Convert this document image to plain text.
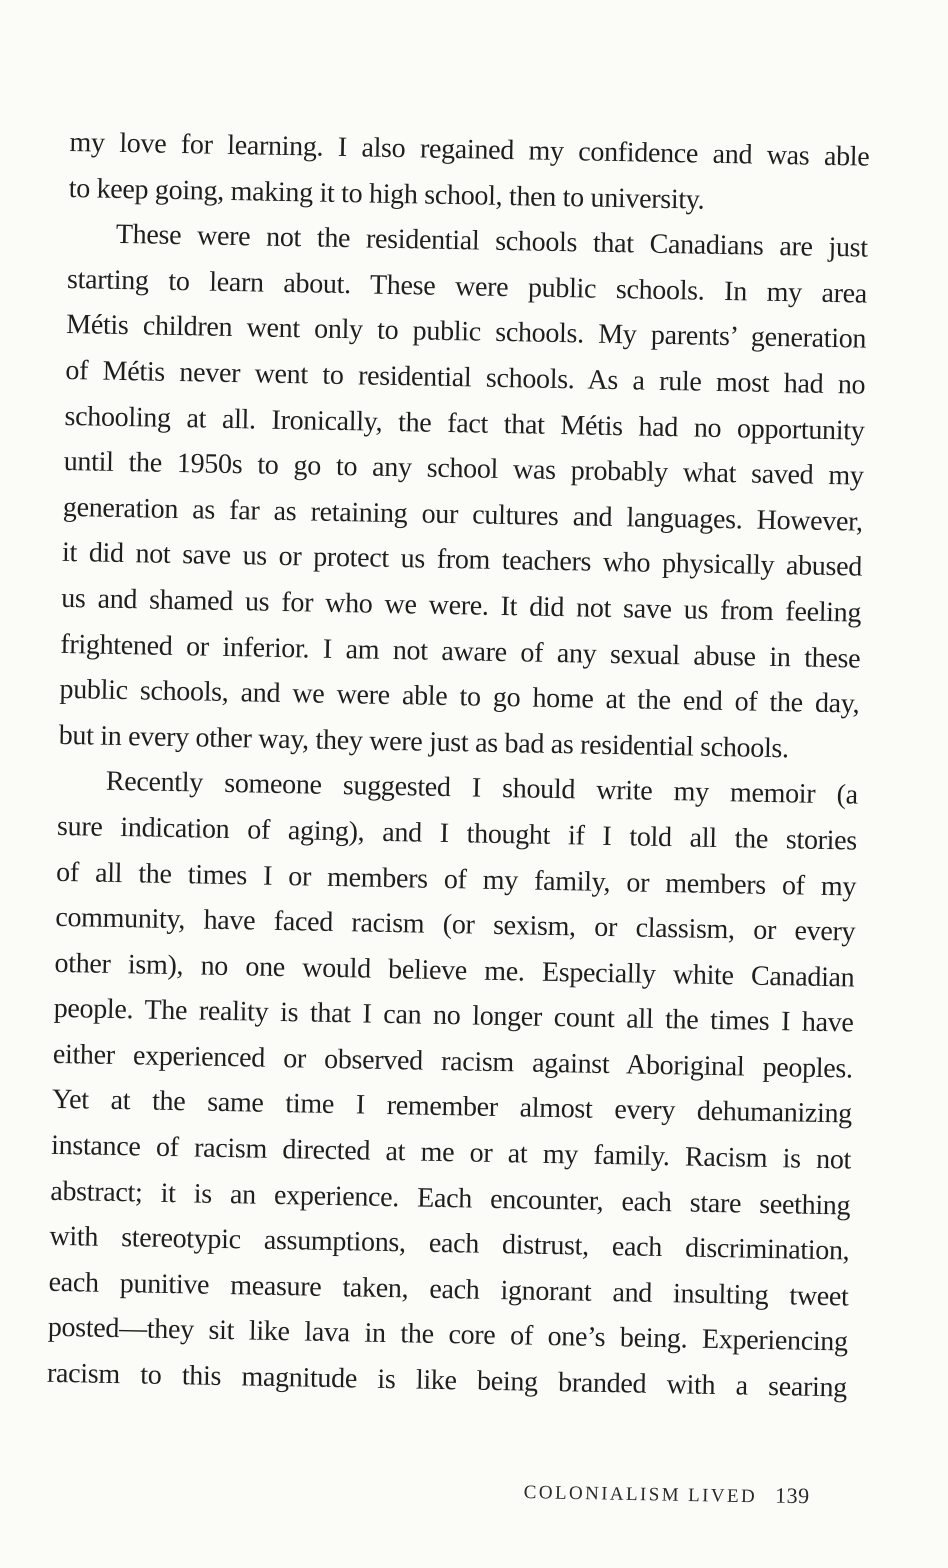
my love for learning. I also regained my confidence and was able
to keep going, making it to high school, then to university.
These were not the residential schools that Canadians are just
starting to learn about. These were public schools. In my area
Métis children went only to public schools. My parents’ generation
of Métis never went to residential schools. As a rule most had no
schooling at all. Ironically, the fact that Métis had no opportunity
until the 1950s to go to any school was probably what saved my
generation as far as retaining our cultures and languages. However,
it did not save us or protect us from teachers who physically abused
us and shamed us for who we were. It did not save us from feeling
frightened or inferior. I am not aware of any sexual abuse in these
public schools, and we were able to go home at the end of the day,
but in every other way, they were just as bad as residential schools.
Recently someone suggested I should write my memoir (a
sure indication of aging), and I thought if I told all the stories
of all the times I or members of my family, or members of my
community, have faced racism (or sexism, or classism, or every
other ism), no one would believe me. Especially white Canadian
people. The reality is that I can no longer count all the times I have
either experienced or observed racism against Aboriginal peoples.
Yet at the same time I remember almost every dehumanizing
instance of racism directed at me or at my family. Racism is not
abstract; it is an experience. Each encounter, each stare seething
with stereotypic assumptions, each distrust, each discrimination,
each punitive measure taken, each ignorant and insulting tweet
posted—they sit like lava in the core of one’s being. Experiencing
racism to this magnitude is like being branded with a searing
COLONIALISM LIVED 139
